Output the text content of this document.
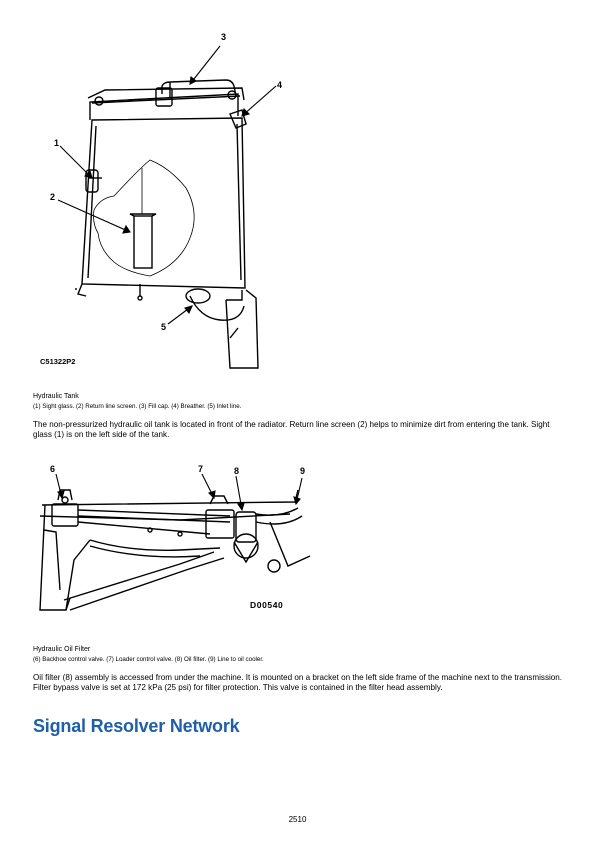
3
4
1
2
5
C51322P2
Hydraulic Tank
(1) Sight glass. (2) Return line screen. (3) Fill cap. (4) Breather. (5) Inlet line.
The non-pressurized hydraulic oil tank is located in front of the radiator. Return line screen (2) helps to minimize dirt from entering the tank. Sight glass (1) is on the left side of the tank.
6	7	8	9
D00540
Hydraulic Oil Filter
(6) Backhoe control valve. (7) Loader control valve. (8) Oil filter. (9) Line to oil cooler.
Oil filter (8) assembly is accessed from under the machine. It is mounted on a bracket on the left side frame of the machine next to the transmission. Filter bypass valve is set at 172 kPa (25 psi) for filter protection. This valve is contained in the filter head assembly.
Signal Resolver Network
2510
